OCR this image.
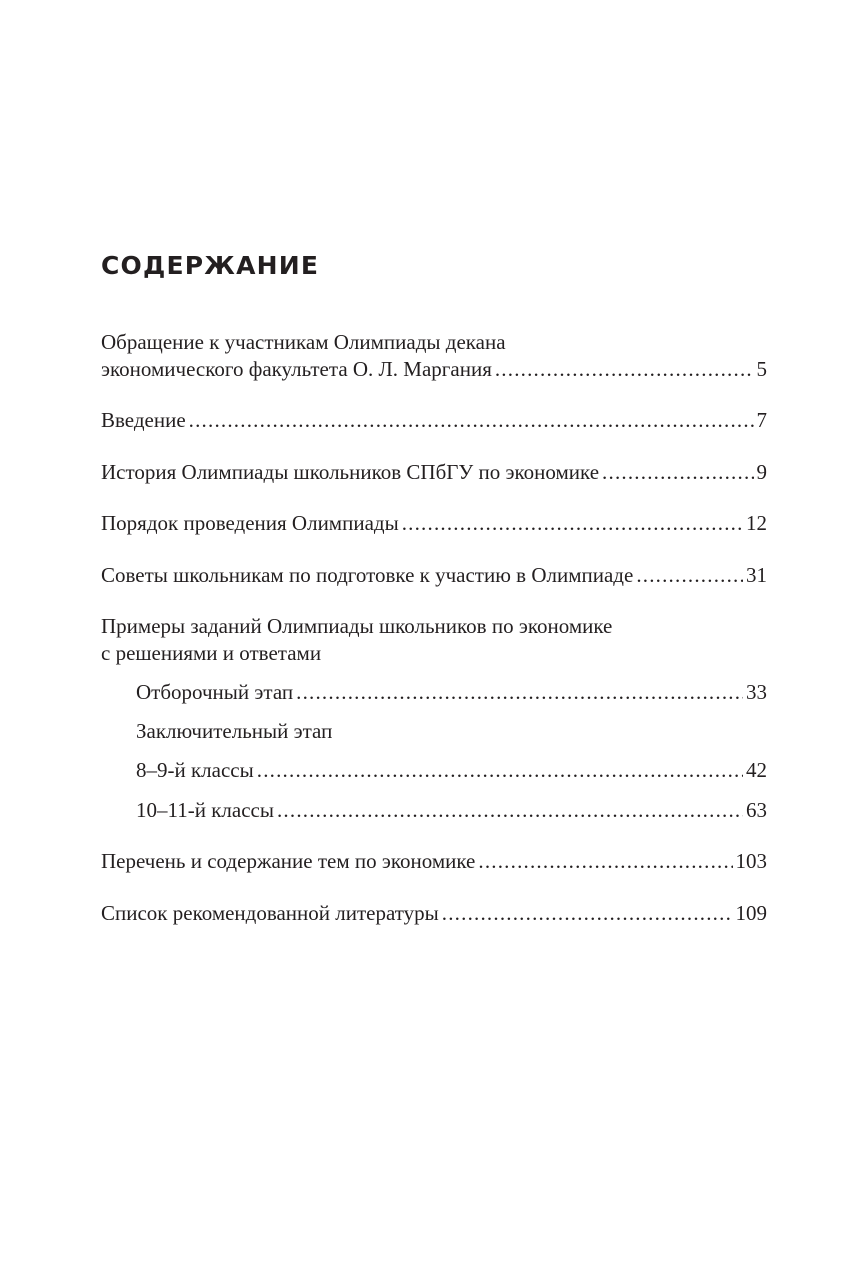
СОДЕРЖАНИЕ
Обращение к участникам Олимпиады декана
экономического факультета О. Л. Маргания .....	5
Введение .....	7
История Олимпиады школьников СПбГУ по экономике .....	9
Порядок проведения Олимпиады .....	12
Советы школьникам по подготовке к участию в Олимпиаде .....	31
Примеры заданий Олимпиады школьников по экономике
с решениями и ответами
Отборочный этап .....	33
Заключительный этап
8–9-й классы .....	42
10–11-й классы .....	63
Перечень и содержание тем по экономике .....	103
Список рекомендованной литературы .....	109
